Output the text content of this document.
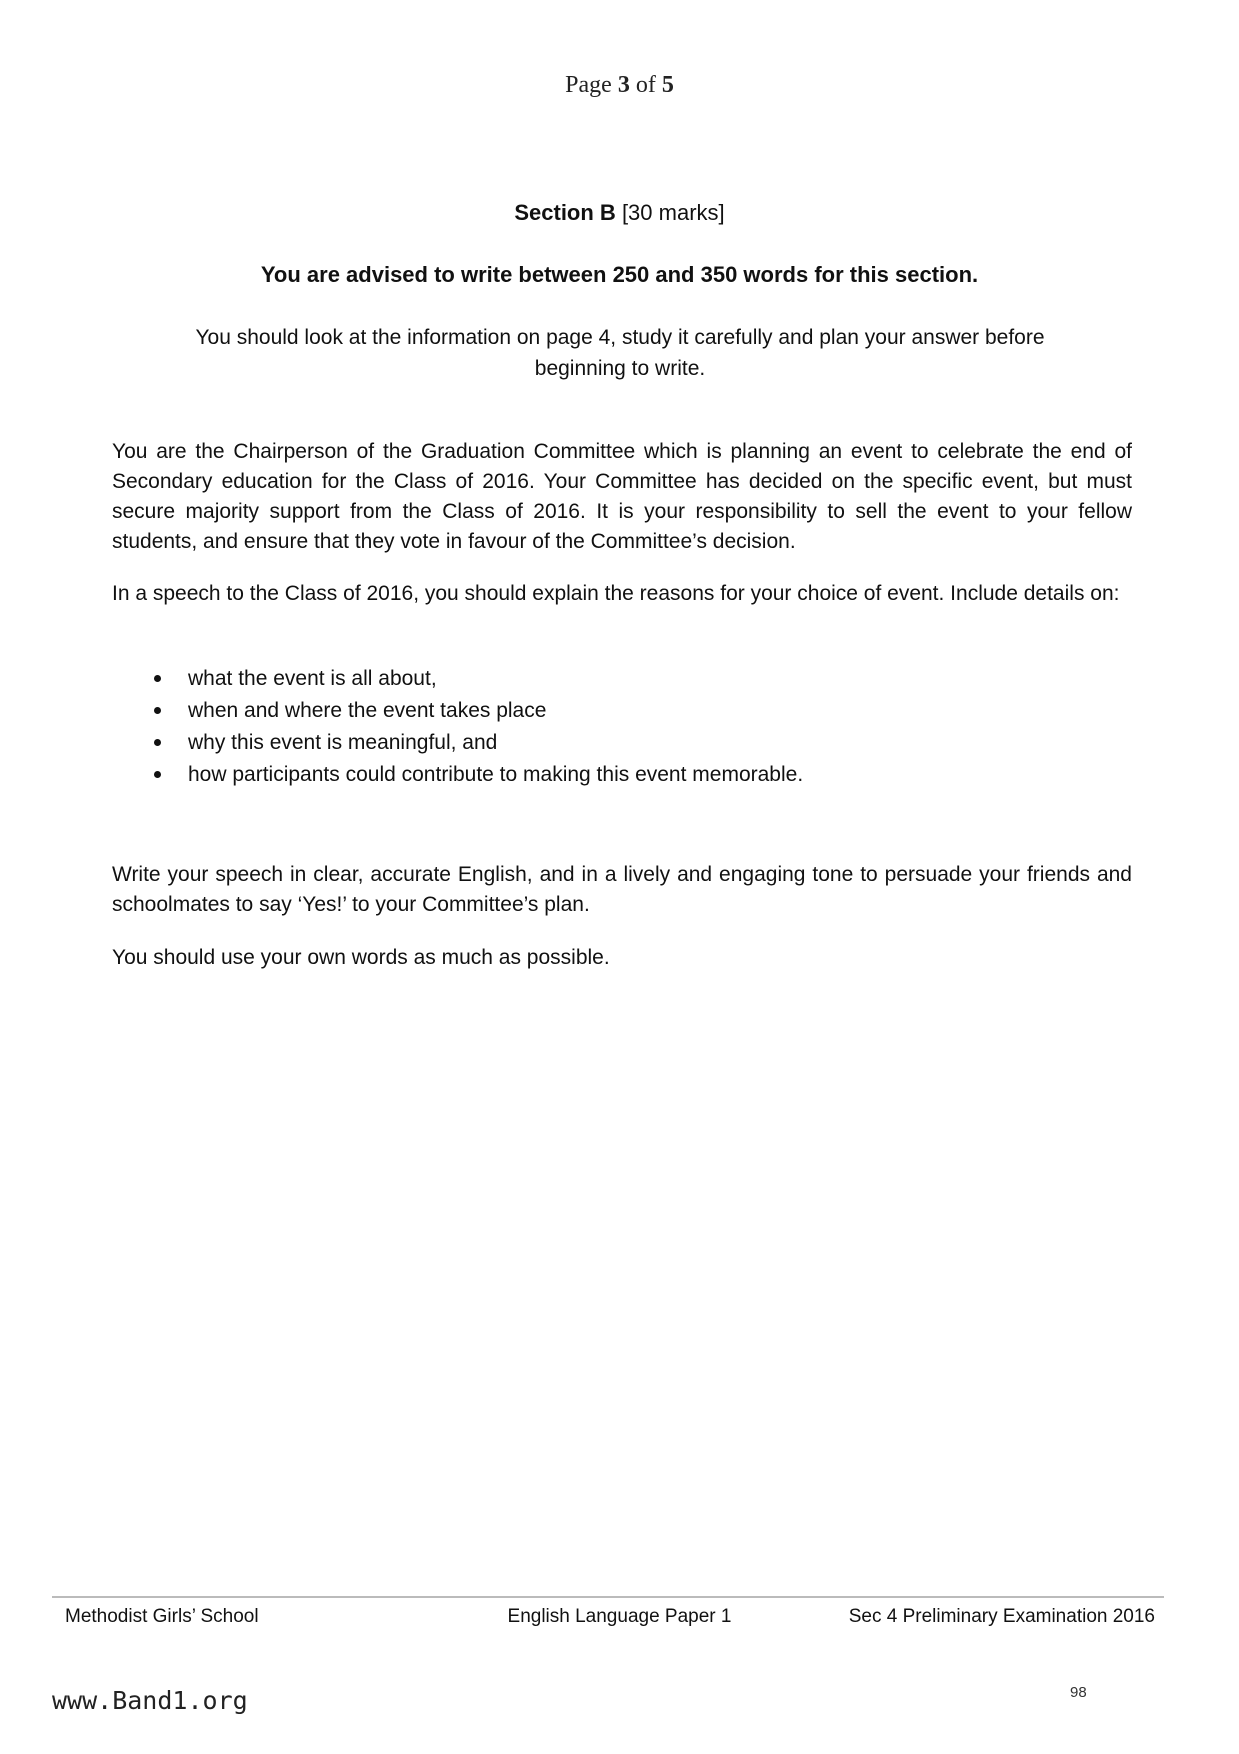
Page 3 of 5
Section B [30 marks]
You are advised to write between 250 and 350 words for this section.
You should look at the information on page 4, study it carefully and plan your answer before beginning to write.
You are the Chairperson of the Graduation Committee which is planning an event to celebrate the end of Secondary education for the Class of 2016. Your Committee has decided on the specific event, but must secure majority support from the Class of 2016. It is your responsibility to sell the event to your fellow students, and ensure that they vote in favour of the Committee’s decision.
In a speech to the Class of 2016, you should explain the reasons for your choice of event. Include details on:
what the event is all about,
when and where the event takes place
why this event is meaningful, and
how participants could contribute to making this event memorable.
Write your speech in clear, accurate English, and in a lively and engaging tone to persuade your friends and schoolmates to say ‘Yes!’ to your Committee’s plan.
You should use your own words as much as possible.
Methodist Girls’ School	English Language Paper 1	Sec 4 Preliminary Examination 2016
98
www.Band1.org
